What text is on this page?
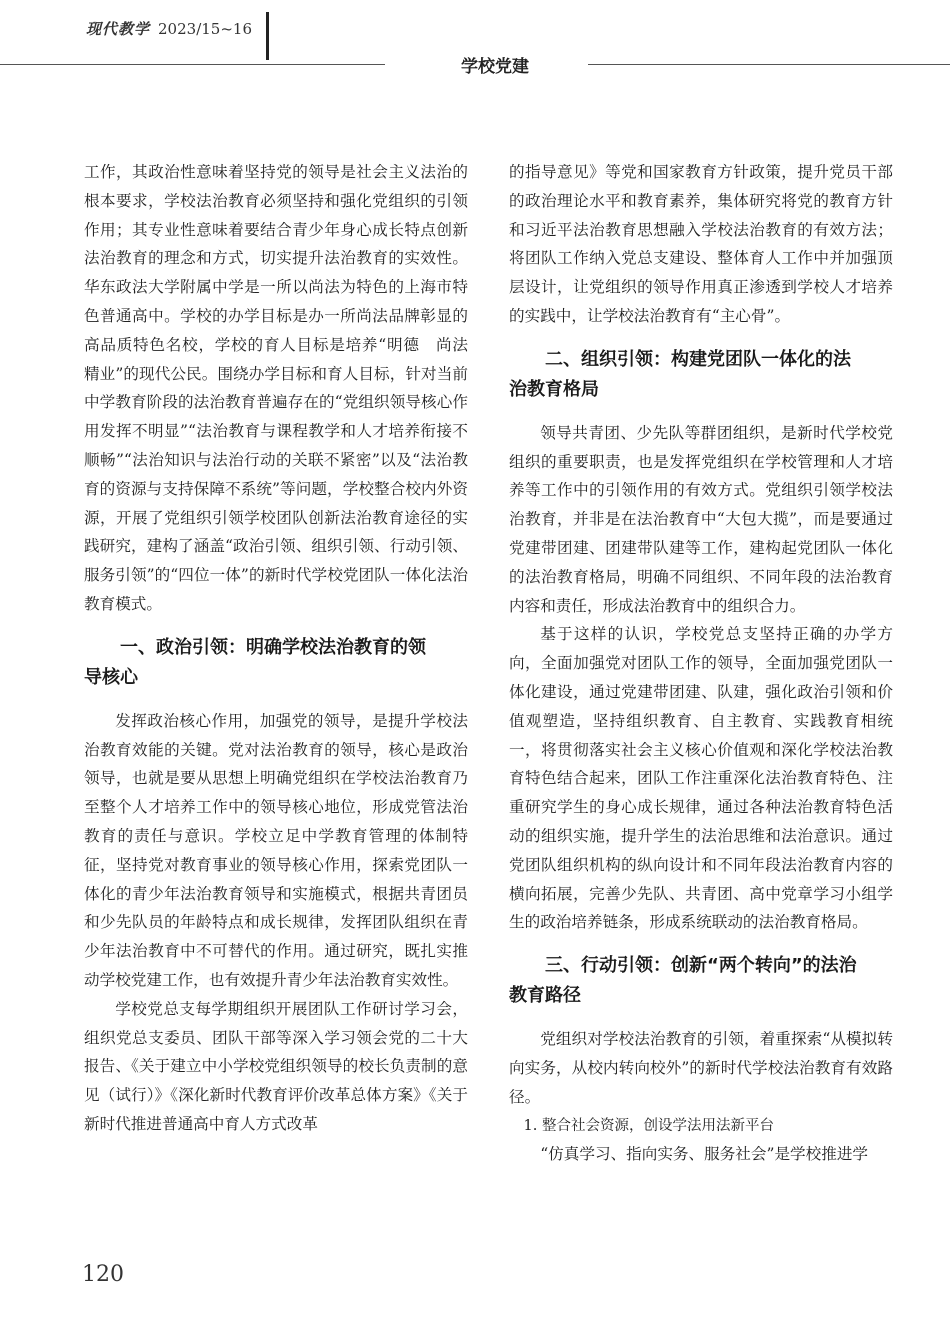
现代教学 2023/15~16
学校党建

工作，其政治性意味着坚持党的领导是社会主义法治的根本要求，学校法治教育必须坚持和强化党组织的引领作用；其专业性意味着要结合青少年身心成长特点创新法治教育的理念和方式，切实提升法治教育的实效性。华东政法大学附属中学是一所以尚法为特色的上海市特色普通高中。学校的办学目标是办一所尚法品牌彰显的高品质特色名校，学校的育人目标是培养“明德　尚法　精业”的现代公民。围绕办学目标和育人目标，针对当前中学教育阶段的法治教育普遍存在的“党组织领导核心作用发挥不明显”“法治教育与课程教学和人才培养衔接不顺畅”“法治知识与法治行动的关联不紧密”以及“法治教育的资源与支持保障不系统”等问题，学校整合校内外资源，开展了党组织引领学校团队创新法治教育途径的实践研究，建构了涵盖“政治引领、组织引领、行动引领、服务引领”的“四位一体”的新时代学校党团队一体化法治教育模式。

一、政治引领：明确学校法治教育的领
导核心

发挥政治核心作用，加强党的领导，是提升学校法治教育效能的关键。党对法治教育的领导，核心是政治领导，也就是要从思想上明确党组织在学校法治教育乃至整个人才培养工作中的领导核心地位，形成党管法治教育的责任与意识。学校立足中学教育管理的体制特征，坚持党对教育事业的领导核心作用，探索党团队一体化的青少年法治教育领导和实施模式，根据共青团员和少先队员的年龄特点和成长规律，发挥团队组织在青少年法治教育中不可替代的作用。通过研究，既扎实推动学校党建工作，也有效提升青少年法治教育实效性。

学校党总支每学期组织开展团队工作研讨学习会，组织党总支委员、团队干部等深入学习领会党的二十大报告、《关于建立中小学校党组织领导的校长负责制的意见（试行）》《深化新时代教育评价改革总体方案》《关于新时代推进普通高中育人方式改革

的指导意见》等党和国家教育方针政策，提升党员干部的政治理论水平和教育素养，集体研究将党的教育方针和习近平法治教育思想融入学校法治教育的有效方法；将团队工作纳入党总支建设、整体育人工作中并加强顶层设计，让党组织的领导作用真正渗透到学校人才培养的实践中，让学校法治教育有“主心骨”。

二、组织引领：构建党团队一体化的法
治教育格局

领导共青团、少先队等群团组织，是新时代学校党组织的重要职责，也是发挥党组织在学校管理和人才培养等工作中的引领作用的有效方式。党组织引领学校法治教育，并非是在法治教育中“大包大揽”，而是要通过党建带团建、团建带队建等工作，建构起党团队一体化的法治教育格局，明确不同组织、不同年段的法治教育内容和责任，形成法治教育中的组织合力。

基于这样的认识，学校党总支坚持正确的办学方向，全面加强党对团队工作的领导，全面加强党团队一体化建设，通过党建带团建、队建，强化政治引领和价值观塑造，坚持组织教育、自主教育、实践教育相统一，将贯彻落实社会主义核心价值观和深化学校法治教育特色结合起来，团队工作注重深化法治教育特色、注重研究学生的身心成长规律，通过各种法治教育特色活动的组织实施，提升学生的法治思维和法治意识。通过党团队组织机构的纵向设计和不同年段法治教育内容的横向拓展，完善少先队、共青团、高中党章学习小组学生的政治培养链条，形成系统联动的法治教育格局。

三、行动引领：创新“两个转向”的法治
教育路径

党组织对学校法治教育的引领，着重探索“从模拟转向实务，从校内转向校外”的新时代学校法治教育有效路径。

1. 整合社会资源，创设学法用法新平台

“仿真学习、指向实务、服务社会”是学校推进学

120
